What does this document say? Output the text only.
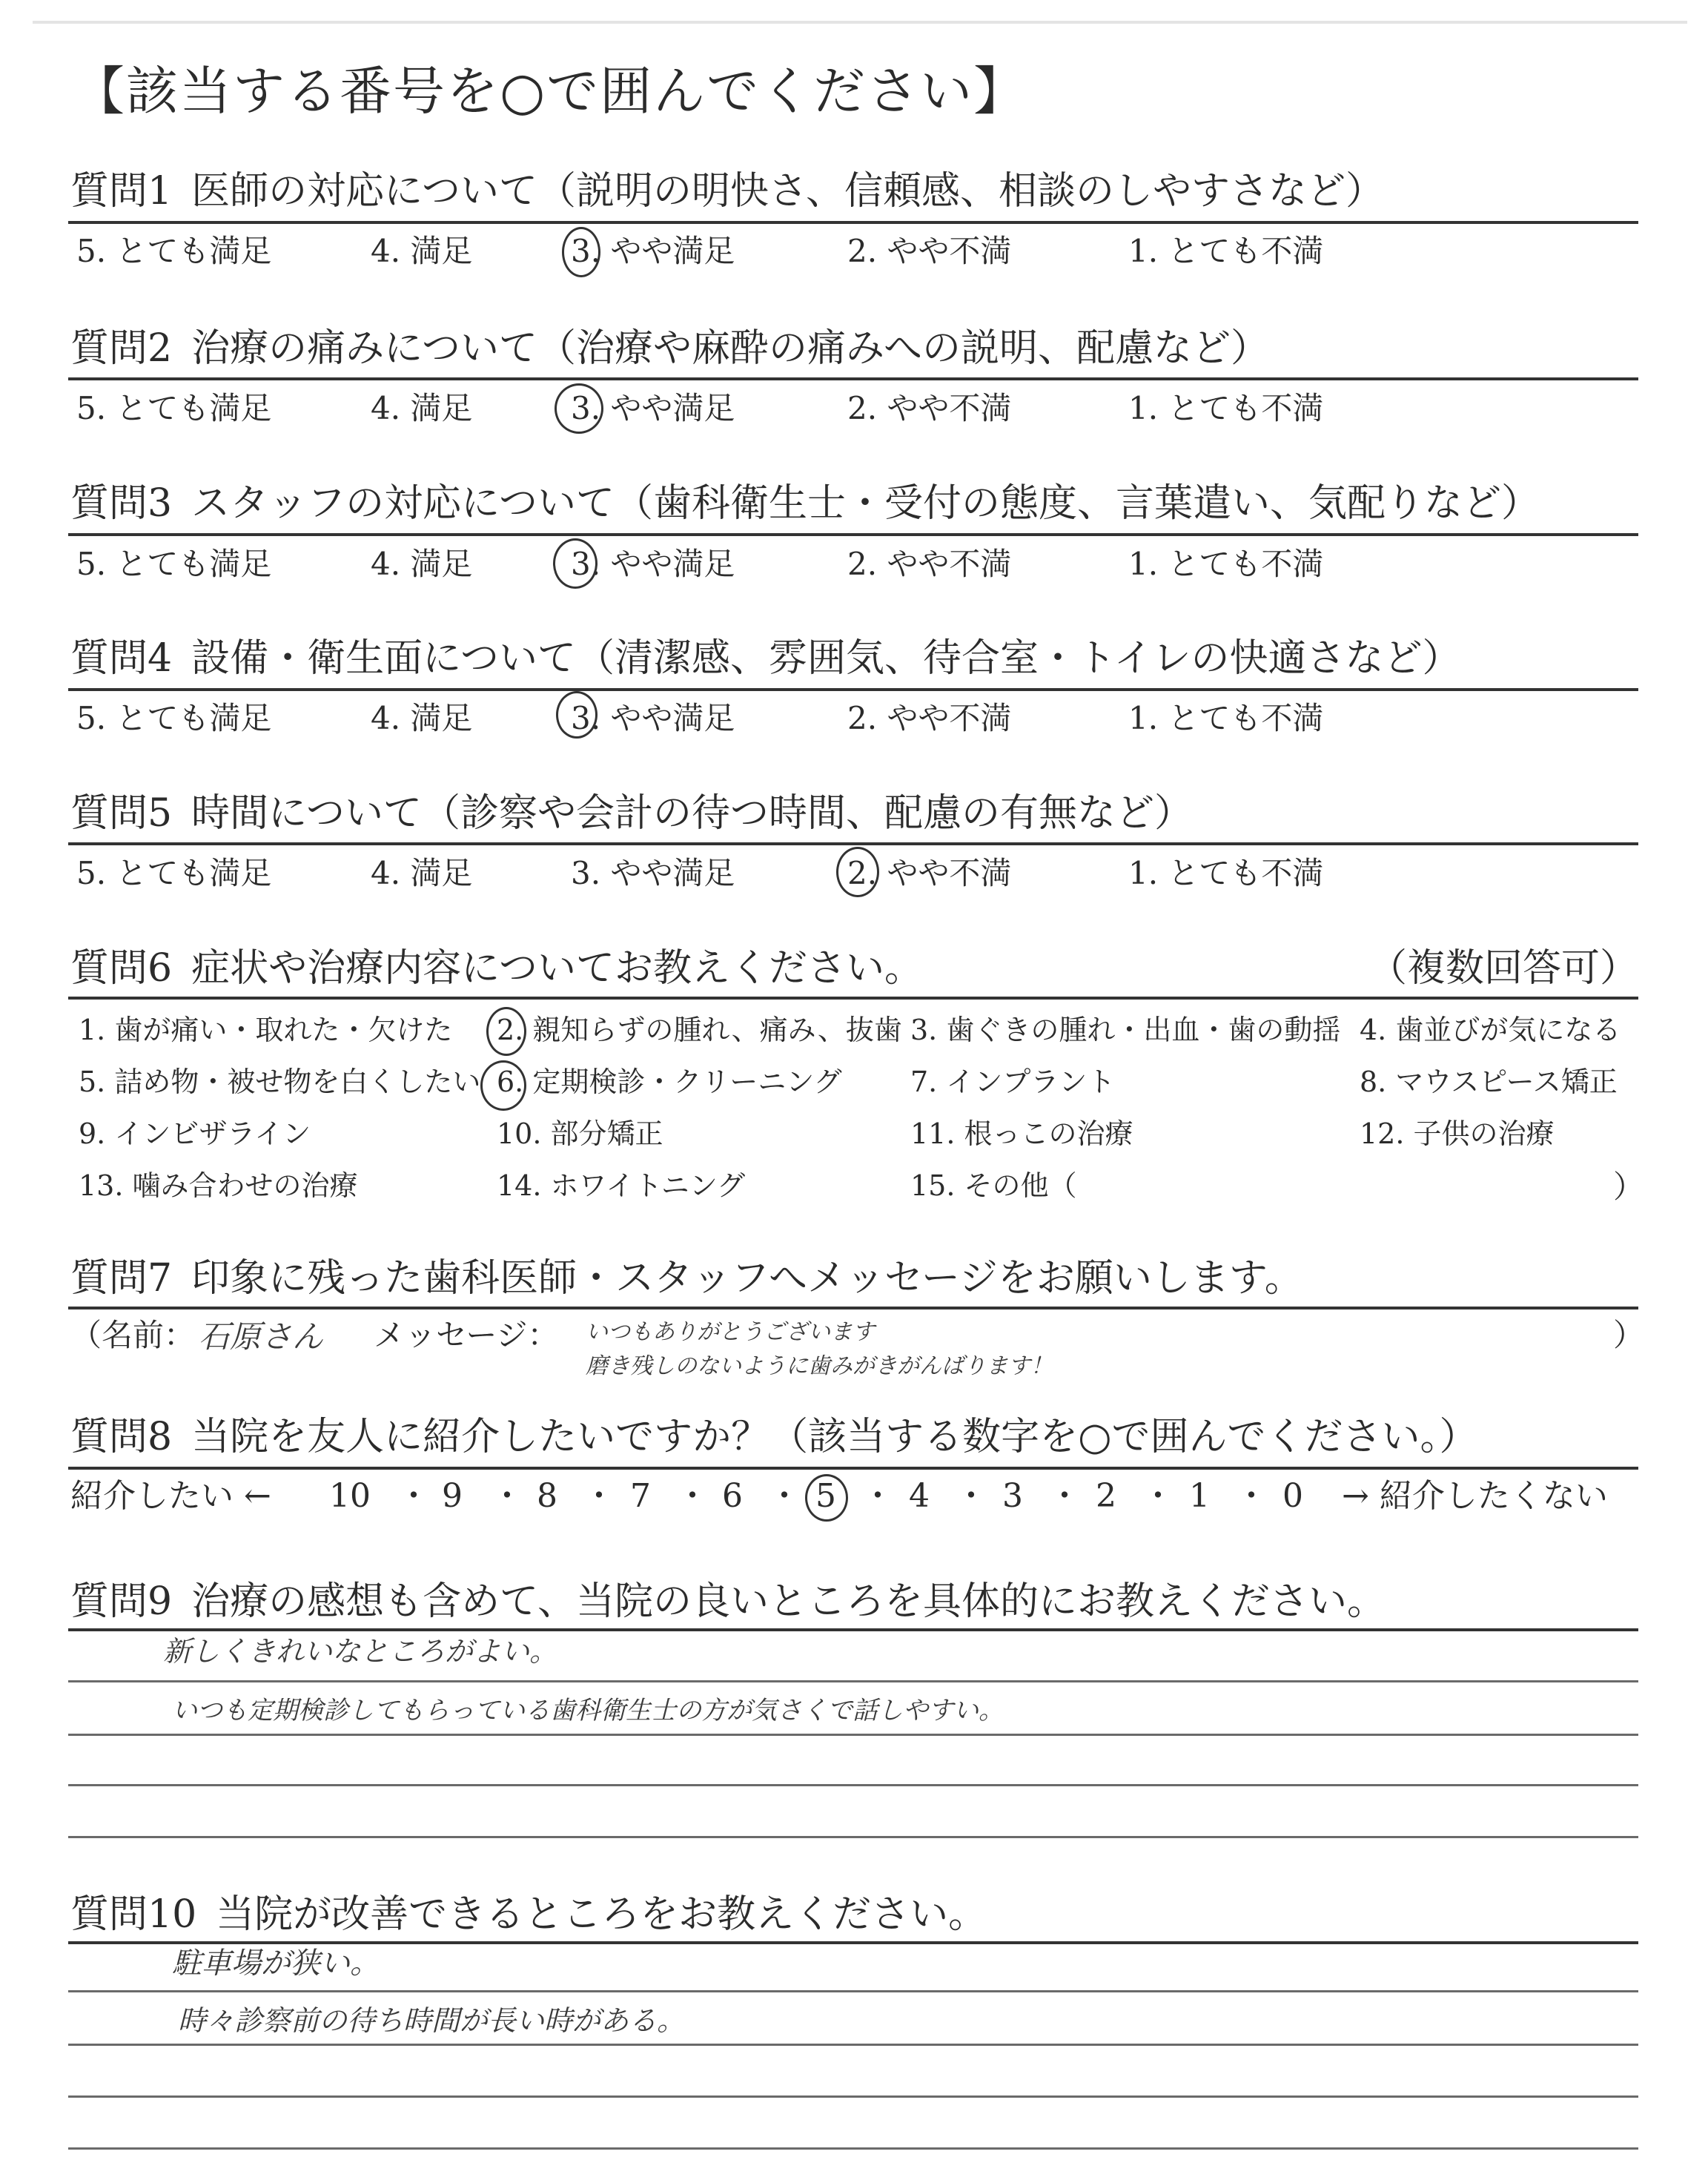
【該当する番号を○で囲んでください】
質問1 医師の対応について（説明の明快さ、信頼感、相談のしやすさなど）
5. とても満足	4. 満足	3. やや満足	2. やや不満	1. とても不満
質問2 治療の痛みについて（治療や麻酔の痛みへの説明、配慮など）
5. とても満足	4. 満足	3. やや満足	2. やや不満	1. とても不満
質問3 スタッフの対応について（歯科衛生士・受付の態度、言葉遣い、気配りなど）
5. とても満足	4. 満足	3. やや満足	2. やや不満	1. とても不満
質問4 設備・衛生面について（清潔感、雰囲気、待合室・トイレの快適さなど）
5. とても満足	4. 満足	3. やや満足	2. やや不満	1. とても不満
質問5 時間について（診察や会計の待つ時間、配慮の有無など）
5. とても満足	4. 満足	3. やや満足	2. やや不満	1. とても不満
質問6 症状や治療内容についてお教えください。	（複数回答可）
1. 歯が痛い・取れた・欠けた 2. 親知らずの腫れ、痛み、抜歯 3. 歯ぐきの腫れ・出血・歯の動揺 4. 歯並びが気になる
5. 詰め物・被せ物を白くしたい 6. 定期検診・クリーニング 7. インプラント	8. マウスピース矯正
9. インビザライン	10. 部分矯正	11. 根っこの治療	12. 子供の治療
13. 噛み合わせの治療	14. ホワイトニング	15. その他（	）
質問7 印象に残った歯科医師・スタッフへメッセージをお願いします。
（名前： 石原さん メッセージ： いつもありがとうございます
磨き残しのないように歯みがきがんばります！
）
質問8 当院を友人に紹介したいですか？（該当する数字を○で囲んでください。）
紹介したい ← 10 ・ 9 ・ 8 ・ 7 ・ 6 ・ 5 ・ 4 ・ 3 ・ 2 ・ 1 ・ 0 → 紹介したくない
質問9 治療の感想も含めて、当院の良いところを具体的にお教えください。
新しくきれいなところがよい。
いつも定期検診してもらっている歯科衛生士の方が気さくで話しやすい。
質問10 当院が改善できるところをお教えください。
駐車場が狭い。
時々診察前の待ち時間が長い時がある。
